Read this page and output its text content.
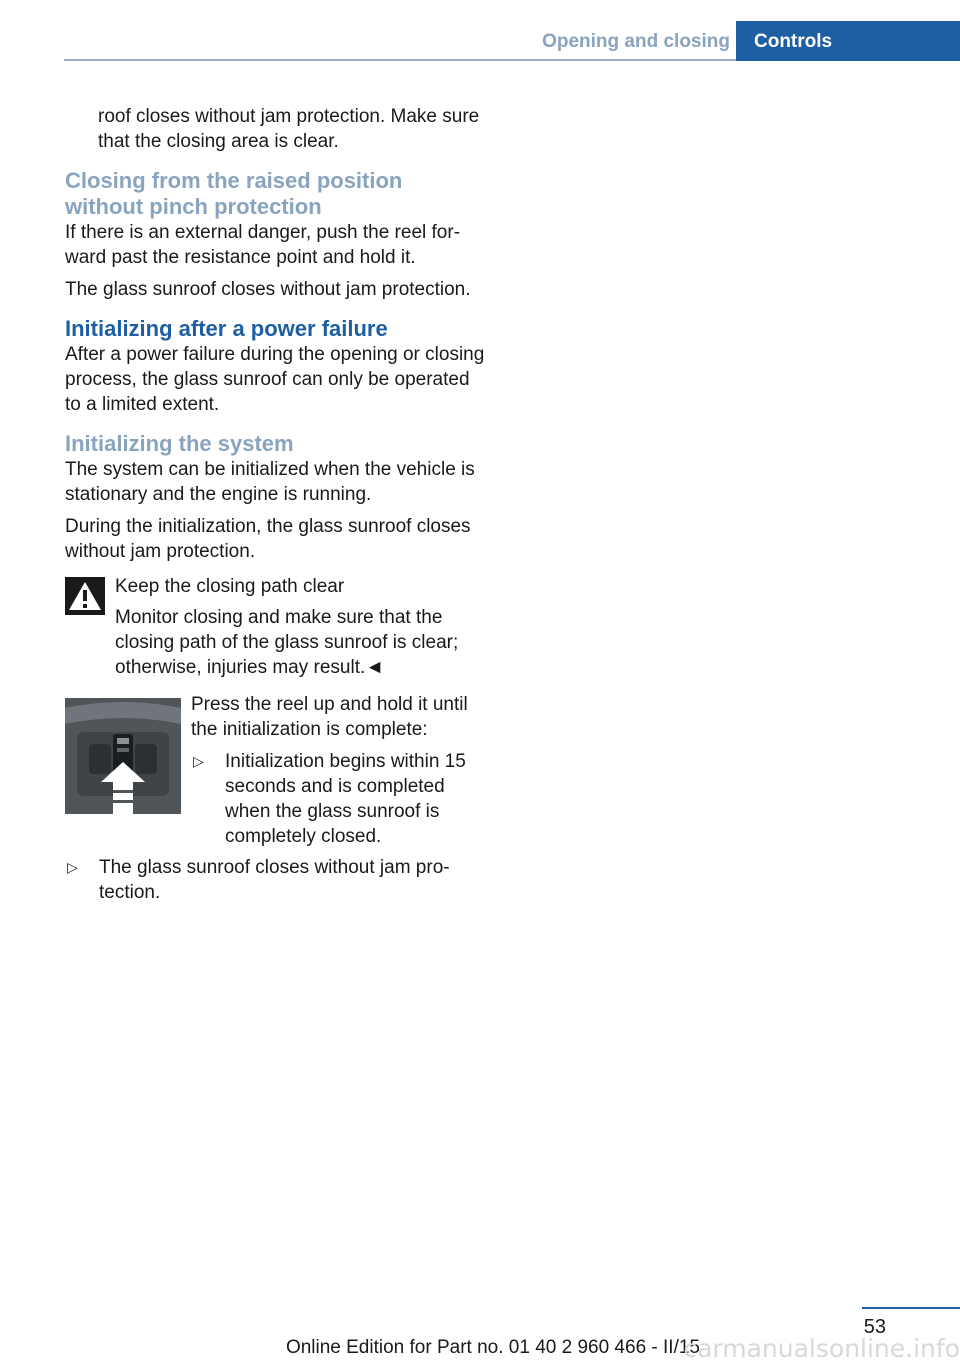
Opening and closing	Controls

roof closes without jam protection. Make sure that the closing area is clear.

Closing from the raised position without pinch protection

If there is an external danger, push the reel forward past the resistance point and hold it.

The glass sunroof closes without jam protection.

Initializing after a power failure

After a power failure during the opening or closing process, the glass sunroof can only be operated to a limited extent.

Initializing the system

The system can be initialized when the vehicle is stationary and the engine is running.

During the initialization, the glass sunroof closes without jam protection.

Keep the closing path clear

Monitor closing and make sure that the closing path of the glass sunroof is clear; otherwise, injuries may result.◄

Press the reel up and hold it until the initialization is complete:

▷ Initialization begins within 15 seconds and is completed when the glass sunroof is completely closed.
▷ The glass sunroof closes without jam protection.
53
Online Edition for Part no. 01 40 2 960 466 - II/15
carmanualsonline.info
